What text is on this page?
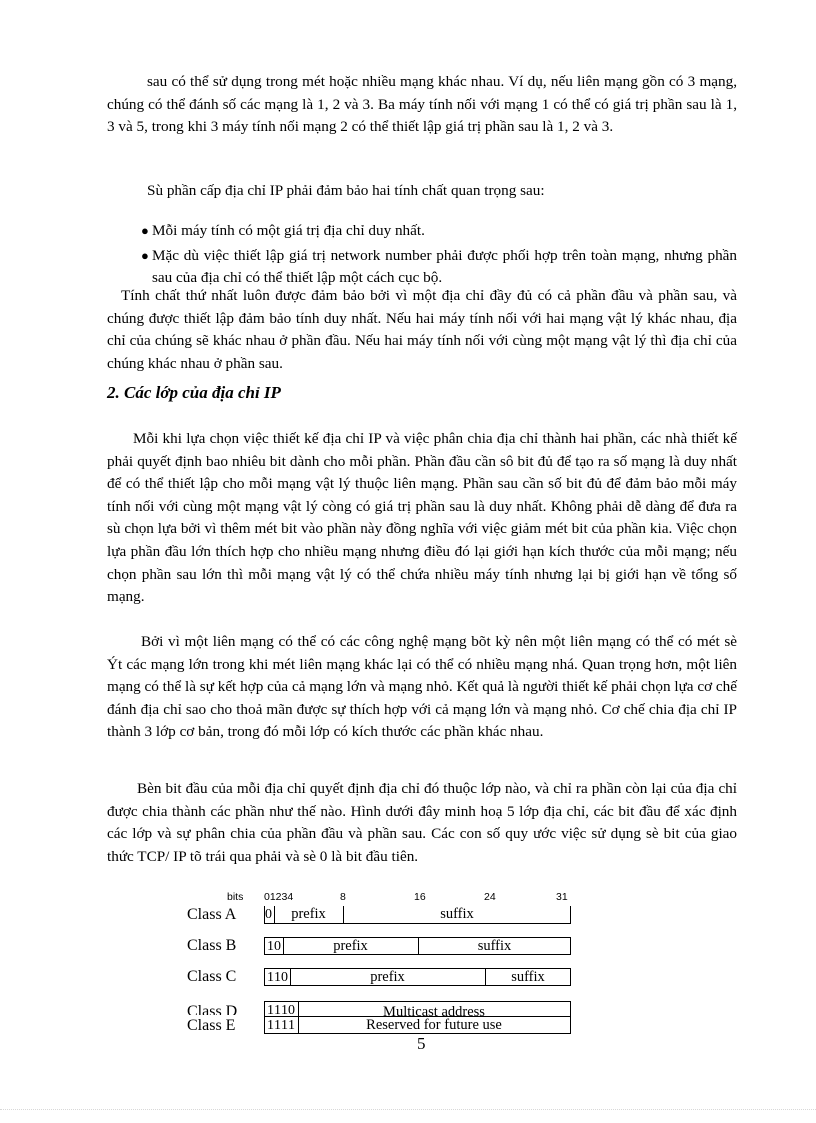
sau có thể sử dụng trong mét hoặc nhiều mạng khác nhau. Ví dụ, nếu liên mạng gồn có 3 mạng, chúng có thể đánh số các mạng là 1, 2 và 3. Ba máy tính nối với mạng 1 có thể có giá trị phần sau là 1, 3 và 5, trong khi 3 máy tính nối mạng 2 có thể thiết lập giá trị phần sau là 1, 2 và 3.

Sù phần cấp địa chỉ IP phải đảm bảo hai tính chất quan trọng sau:

● Mỗi máy tính có một giá trị địa chỉ duy nhất.
● Mặc dù việc thiết lập giá trị network number phải được phối hợp trên toàn mạng, nhưng phần sau của địa chỉ có thể thiết lập một cách cục bộ.

Tính chất thứ nhất luôn được đảm bảo bởi vì một địa chỉ đầy đủ có cả phần đầu và phần sau, và chúng được thiết lập đảm bảo tính duy nhất. Nếu hai máy tính nối với hai mạng vật lý khác nhau, địa chỉ của chúng sẽ khác nhau ở phần đầu. Nếu hai máy tính nối với cùng một mạng vật lý thì địa chỉ của chúng khác nhau ở phần sau.

2. Các lớp của địa chỉ IP

Mỗi khi lựa chọn việc thiết kế địa chỉ IP và việc phân chia địa chỉ thành hai phần, các nhà thiết kế phải quyết định bao nhiêu bit dành cho mỗi phần. Phần đầu cần sô bit đủ để tạo ra số mạng là duy nhất để có thể thiết lập cho mỗi mạng vật lý thuộc liên mạng. Phần sau cần số bit đủ để đảm bảo mỗi máy tính nối với cùng một mạng vật lý còng có giá trị phần sau là duy nhất. Không phải dễ dàng để đưa ra sù chọn lựa bởi vì thêm mét bit vào phần này đồng nghĩa với việc giảm mét bit của phần kia. Việc chọn lựa phần đầu lớn thích hợp cho nhiều mạng nhưng điều đó lại giới hạn kích thước của mỗi mạng; nếu chọn phần sau lớn thì mỗi mạng vật lý có thể chứa nhiều máy tính nhưng lại bị giới hạn về tổng số mạng.

Bởi vì một liên mạng có thể có các công nghệ mạng bõt kỳ nên một liên mạng có thể có mét sè Ýt các mạng lớn trong khi mét liên mạng khác lại có thể có nhiều mạng nhá. Quan trọng hơn, một liên mạng có thể là sự kết hợp của cả mạng lớn và mạng nhỏ. Kết quả là người thiết kế phải chọn lựa cơ chế đánh địa chỉ sao cho thoả mãn được sự thích hợp với cả mạng lớn và mạng nhỏ. Cơ chế chia địa chỉ IP thành 3 lớp cơ bản, trong đó mỗi lớp có kích thước các phần khác nhau.

Bèn bit đầu của mỗi địa chỉ quyết định địa chỉ đó thuộc lớp nào, và chỉ ra phần còn lại của địa chỉ được chia thành các phần như thế nào. Hình dưới đây minh hoạ 5 lớp địa chỉ, các bit đầu để xác định các lớp và sự phân chia của phần đầu và phần sau. Các con số quy ước việc sử dụng sè bit của giao thức TCP/ IP tõ trái qua phải và sè 0 là bit đầu tiên.

bits 01234	8	16	24	31
Class A 0	prefix	suffix
Class B 1 0	prefix	suffix
Class C 1 1 0	prefix	suffix
Class D 1 1 1 0	Multicast address
Class E 1 1 1 1	Reserved for future use
5
